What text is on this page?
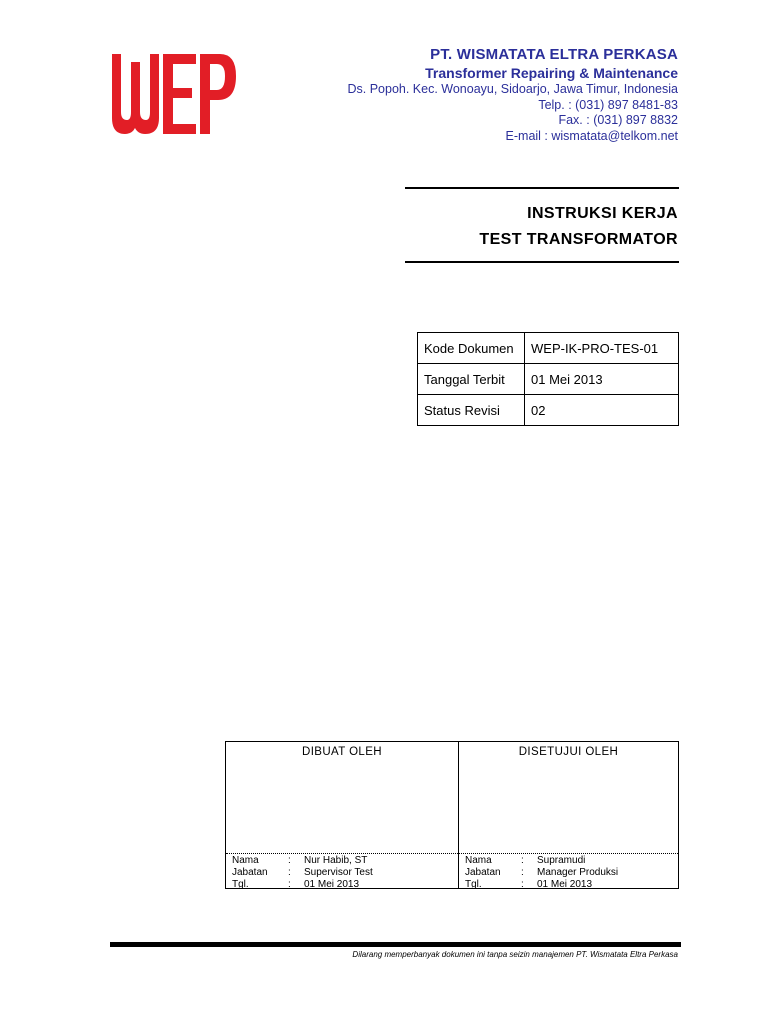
PT. WISMATATA ELTRA PERKASA
Transformer Repairing & Maintenance
Ds. Popoh. Kec. Wonoayu, Sidoarjo, Jawa Timur, Indonesia
Telp. : (031) 897 8481-83
Fax. : (031) 897 8832
E-mail : wismatata@telkom.net
INSTRUKSI KERJA
TEST TRANSFORMATOR
Kode Dokumen	WEP-IK-PRO-TES-01
Tanggal Terbit	01 Mei 2013
Status Revisi	02
DIBUAT OLEH
Nama	:	Nur Habib, ST
Jabatan	:	Supervisor Test
Tgl.	:	01 Mei 2013
DISETUJUI OLEH
Nama	:	Supramudi
Jabatan	:	Manager Produksi
Tgl.	:	01 Mei 2013
Dilarang memperbanyak dokumen ini tanpa seizin manajemen PT. Wismatata Eltra Perkasa
